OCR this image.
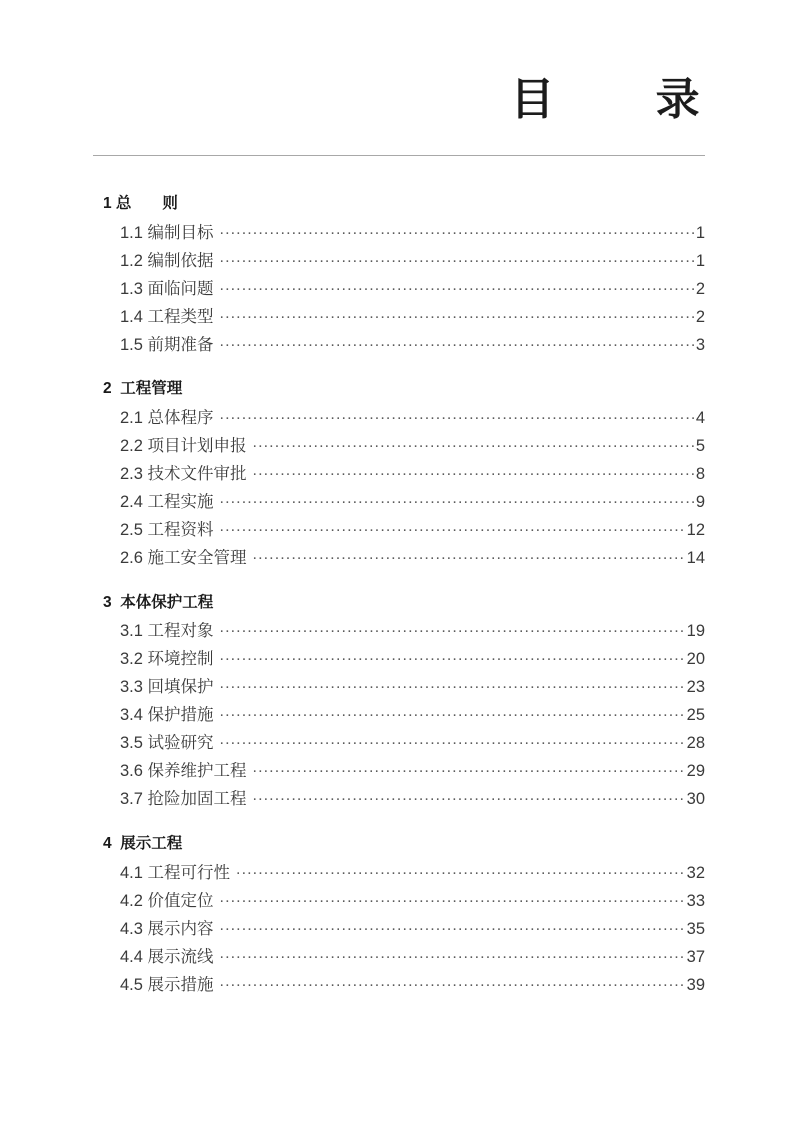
目　　录
1 总　　则
1.1 编制目标 .....	1
1.2 编制依据 .....	1
1.3 面临问题 .....	2
1.4 工程类型 .....	2
1.5 前期准备 .....	3
2  工程管理
2.1 总体程序 .....	4
2.2 项目计划申报 .....	5
2.3 技术文件审批 .....	8
2.4 工程实施 .....	9
2.5 工程资料 .....	12
2.6 施工安全管理 .....	14
3  本体保护工程
3.1 工程对象 .....	19
3.2 环境控制 .....	20
3.3 回填保护 .....	23
3.4 保护措施 .....	25
3.5 试验研究 .....	28
3.6 保养维护工程 .....	29
3.7 抢险加固工程 .....	30
4  展示工程
4.1 工程可行性 .....	32
4.2 价值定位 .....	33
4.3 展示内容 .....	35
4.4 展示流线 .....	37
4.5 展示措施 .....	39
